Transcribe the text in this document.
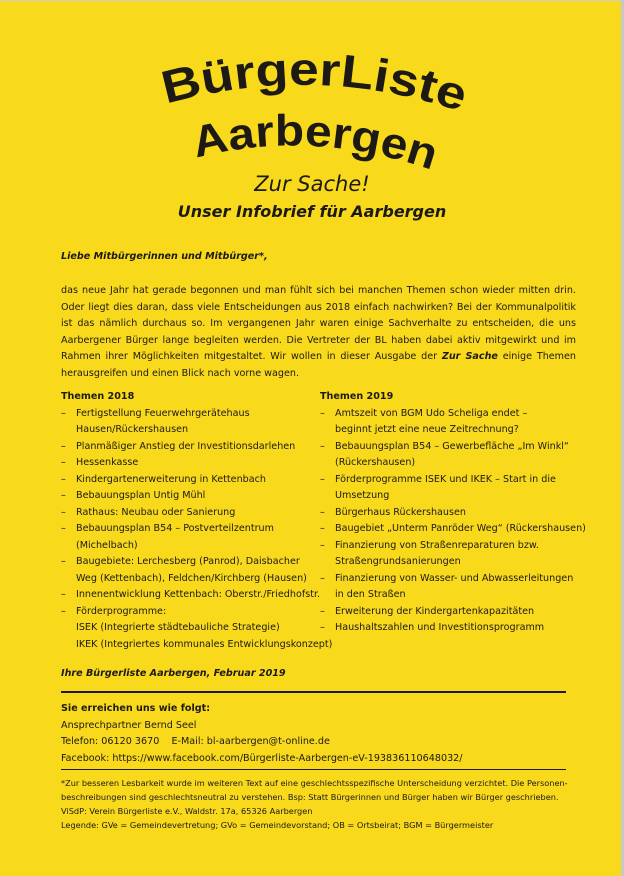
BürgerListe
Aarbergen
Zur Sache!
Unser Infobrief für Aarbergen
Liebe Mitbürgerinnen und Mitbürger*,
das neue Jahr hat gerade begonnen und man fühlt sich bei manchen Themen schon wieder mitten drin. Oder liegt dies daran, dass viele Entscheidungen aus 2018 einfach nachwirken? Bei der Kommunalpolitik ist das nämlich durchaus so. Im vergangenen Jahr waren einige Sachverhalte zu entscheiden, die uns Aarbergener Bürger lange begleiten werden. Die Vertreter der BL haben dabei aktiv mitgewirkt und im Rahmen ihrer Möglichkeiten mitgestaltet. Wir wollen in dieser Ausgabe der Zur Sache einige Themen herausgreifen und einen Blick nach vorne wagen.
Themen 2018
– Fertigstellung Feuerwehrgerätehaus Hausen/Rückershausen
– Planmäßiger Anstieg der Investitionsdarlehen
– Hessenkasse
– Kindergartenerweiterung in Kettenbach
– Bebauungsplan Untig Mühl
– Rathaus: Neubau oder Sanierung
– Bebauungsplan B54 – Postverteilzentrum (Michelbach)
– Baugebiete: Lerchesberg (Panrod), Daisbacher Weg (Kettenbach), Feldchen/Kirchberg (Hausen)
– Innenentwicklung Kettenbach: Oberstr./Friedhofstr.
– Förderprogramme:
ISEK (Integrierte städtebauliche Strategie)
IKEK (Integriertes kommunales Entwicklungskonzept)
Themen 2019
– Amtszeit von BGM Udo Scheliga endet – beginnt jetzt eine neue Zeitrechnung?
– Bebauungsplan B54 – Gewerbefläche „Im Winkl“ (Rückershausen)
– Förderprogramme ISEK und IKEK – Start in die Umsetzung
– Bürgerhaus Rückershausen
– Baugebiet „Unterm Panröder Weg“ (Rückershausen)
– Finanzierung von Straßenreparaturen bzw. Straßengrundsanierungen
– Finanzierung von Wasser- und Abwasserleitungen in den Straßen
– Erweiterung der Kindergartenkapazitäten
– Haushaltszahlen und Investitionsprogramm
Ihre Bürgerliste Aarbergen, Februar 2019
Sie erreichen uns wie folgt:
Ansprechpartner Bernd Seel
Telefon: 06120 3670 E-Mail: bl-aarbergen@t-online.de
Facebook: https://www.facebook.com/Bürgerliste-Aarbergen-eV-193836110648032/
*Zur besseren Lesbarkeit wurde im weiteren Text auf eine geschlechtsspezifische Unterscheidung verzichtet. Die Personen-beschreibungen sind geschlechtsneutral zu verstehen. Bsp: Statt Bürgerinnen und Bürger haben wir Bürger geschrieben.
ViSdP: Verein Bürgerliste e.V., Waldstr. 17a, 65326 Aarbergen
Legende: GVe = Gemeindevertretung; GVo = Gemeindevorstand; OB = Ortsbeirat; BGM = Bürgermeister
